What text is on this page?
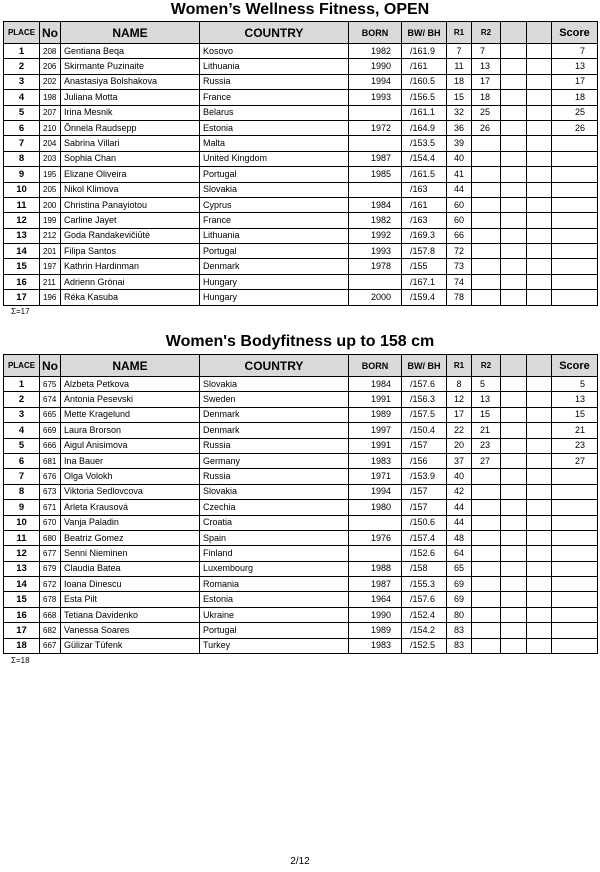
Women’s Wellness Fitness, OPEN
PLACE	No	NAME	COUNTRY	BORN	BW/ BH	R1	R2			Score
1	208	Gentiana Beqa	Kosovo	1982	/161.9	7	7			7
2	206	Skirmante Puzinaite	Lithuania	1990	/161	11	13			13
3	202	Anastasiya Bolshakova	Russia	1994	/160.5	18	17			17
4	198	Juliana Motta	France	1993	/156.5	15	18			18
5	207	Irina Mesnik	Belarus		/161.1	32	25			25
6	210	Õnnela Raudsepp	Estonia	1972	/164.9	36	26			26
7	204	Sabrina Villari	Malta		/153.5	39				
8	203	Sophia Chan	United Kingdom	1987	/154.4	40				
9	195	Elizane Oliveira	Portugal	1985	/161.5	41				
10	205	Nikol Klimova	Slovakia		/163	44				
11	200	Christina Panayiotou	Cyprus	1984	/161	60				
12	199	Carline Jayet	France	1982	/163	60				
13	212	Goda Randakevičiūtė	Lithuania	1992	/169.3	66				
14	201	Filipa Santos	Portugal	1993	/157.8	72				
15	197	Kathrin Hardinman	Denmark	1978	/155	73				
16	211	Adrienn Grónai	Hungary		/167.1	74				
17	196	Réka Kasuba	Hungary	2000	/159.4	78				
Σ=17
Women's Bodyfitness up to 158 cm
PLACE	No	NAME	COUNTRY	BORN	BW/ BH	R1	R2			Score
1	675	Alzbeta Petkova	Slovakia	1984	/157.6	8	5			5
2	674	Antonia Pesevski	Sweden	1991	/156.3	12	13			13
3	665	Mette Kragelund	Denmark	1989	/157.5	17	15			15
4	669	Laura Brorson	Denmark	1997	/150.4	22	21			21
5	666	Aigul Anisimova	Russia	1991	/157	20	23			23
6	681	Ina Bauer	Germany	1983	/156	37	27			27
7	676	Olga Volokh	Russia	1971	/153.9	40				
8	673	Viktoria Sedlovcova	Slovakia	1994	/157	42				
9	671	Arleta Krausová	Czechia	1980	/157	44				
10	670	Vanja Paladin	Croatia		/150.6	44				
11	680	Beatriz Gomez	Spain	1976	/157.4	48				
12	677	Senni Nieminen	Finland		/152.6	64				
13	679	Claudia Batea	Luxembourg	1988	/158	65				
14	672	Ioana Dinescu	Romania	1987	/155.3	69				
15	678	Esta Pilt	Estonia	1964	/157.6	69				
16	668	Tetiana Davidenko	Ukraine	1990	/152.4	80				
17	682	Vanessa Soares	Portugal	1989	/154.2	83				
18	667	Gülizar Tüfenk	Turkey	1983	/152.5	83				
Σ=18
2/12
